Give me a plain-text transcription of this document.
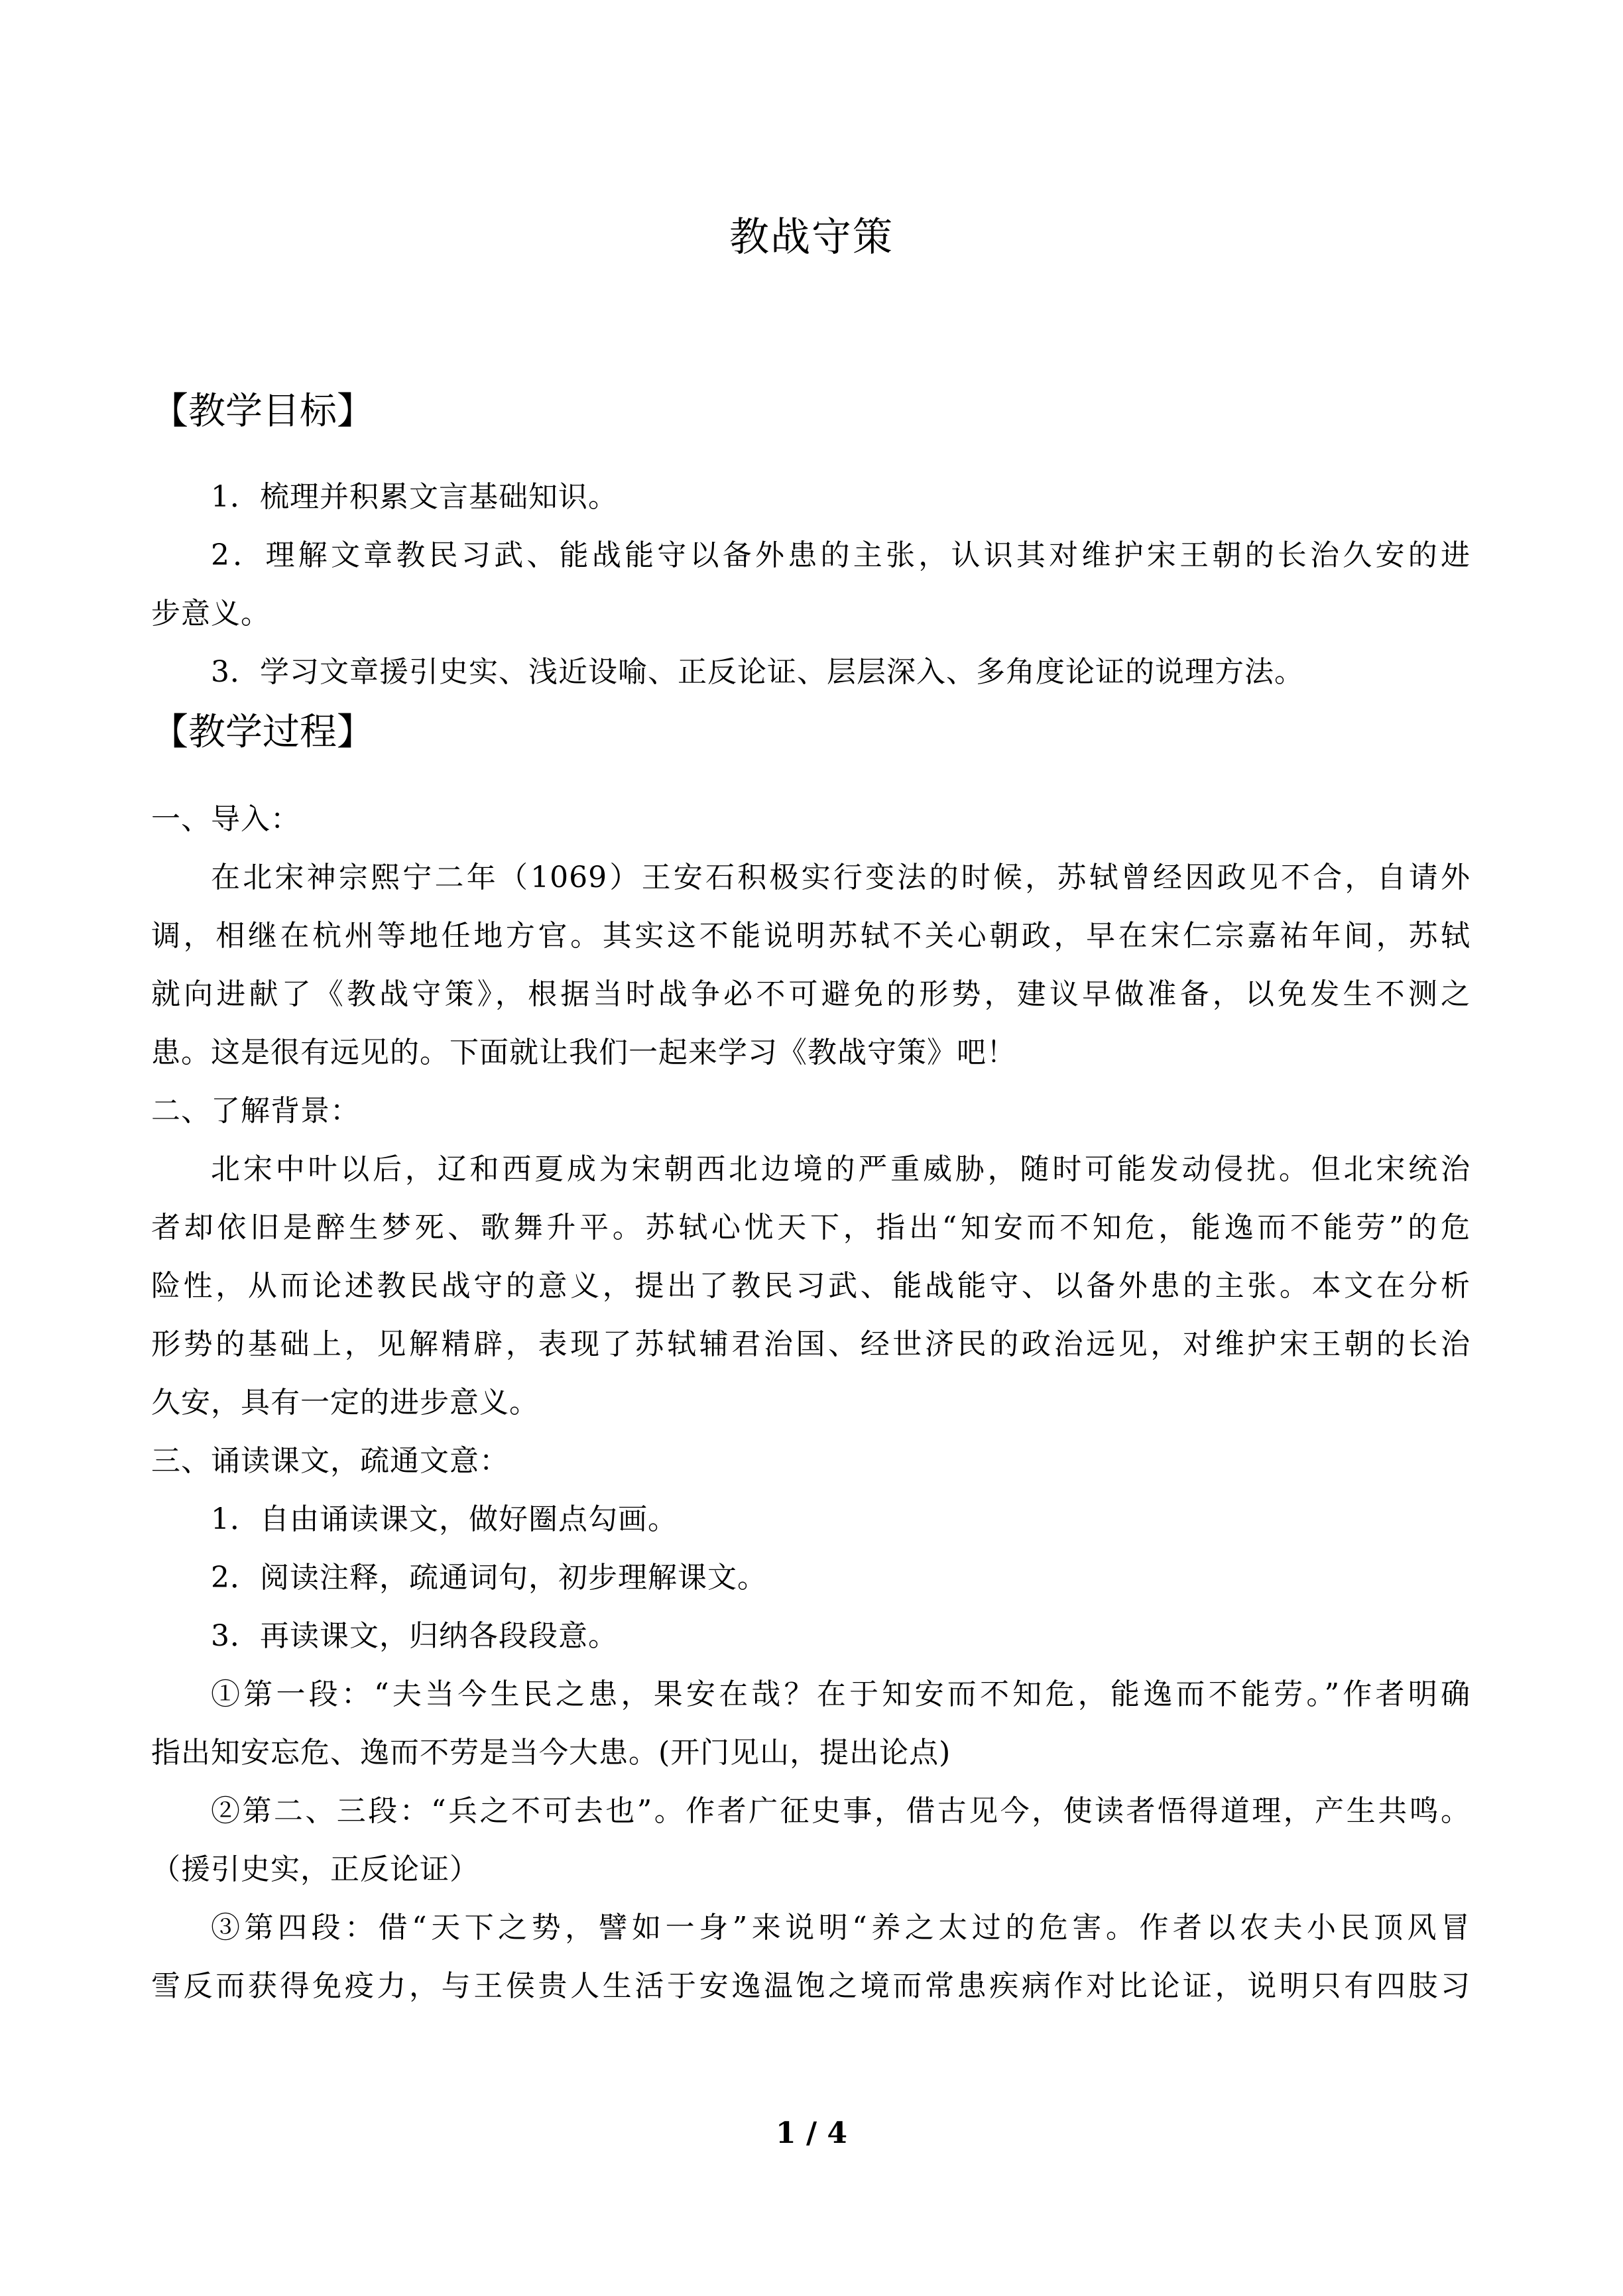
教战守策
【教学目标】
1．梳理并积累文言基础知识。
2．理解文章教民习武、能战能守以备外患的主张，认识其对维护宋王朝的长治久安的进
步意义。
3．学习文章援引史实、浅近设喻、正反论证、层层深入、多角度论证的说理方法。
【教学过程】
一、导入：
在北宋神宗熙宁二年（1069）王安石积极实行变法的时候，苏轼曾经因政见不合，自请外
调，相继在杭州等地任地方官。其实这不能说明苏轼不关心朝政，早在宋仁宗嘉祐年间，苏轼
就向进献了《教战守策》，根据当时战争必不可避免的形势，建议早做准备，以免发生不测之
患。这是很有远见的。下面就让我们一起来学习《教战守策》吧！
二、了解背景：
北宋中叶以后，辽和西夏成为宋朝西北边境的严重威胁，随时可能发动侵扰。但北宋统治
者却依旧是醉生梦死、歌舞升平。苏轼心忧天下，指出“知安而不知危，能逸而不能劳”的危
险性，从而论述教民战守的意义，提出了教民习武、能战能守、以备外患的主张。本文在分析
形势的基础上，见解精辟，表现了苏轼辅君治国、经世济民的政治远见，对维护宋王朝的长治
久安，具有一定的进步意义。
三、诵读课文，疏通文意：
1．自由诵读课文，做好圈点勾画。
2．阅读注释，疏通词句，初步理解课文。
3．再读课文，归纳各段段意。
①第一段：“夫当今生民之患，果安在哉？在于知安而不知危，能逸而不能劳。”作者明确
指出知安忘危、逸而不劳是当今大患。(开门见山，提出论点)
②第二、三段：“兵之不可去也”。作者广征史事，借古见今，使读者悟得道理，产生共鸣。
（援引史实，正反论证）
③第四段：借“天下之势，譬如一身”来说明“养之太过的危害。作者以农夫小民顶风冒
雪反而获得免疫力，与王侯贵人生活于安逸温饱之境而常患疾病作对比论证，说明只有四肢习
1 / 4
